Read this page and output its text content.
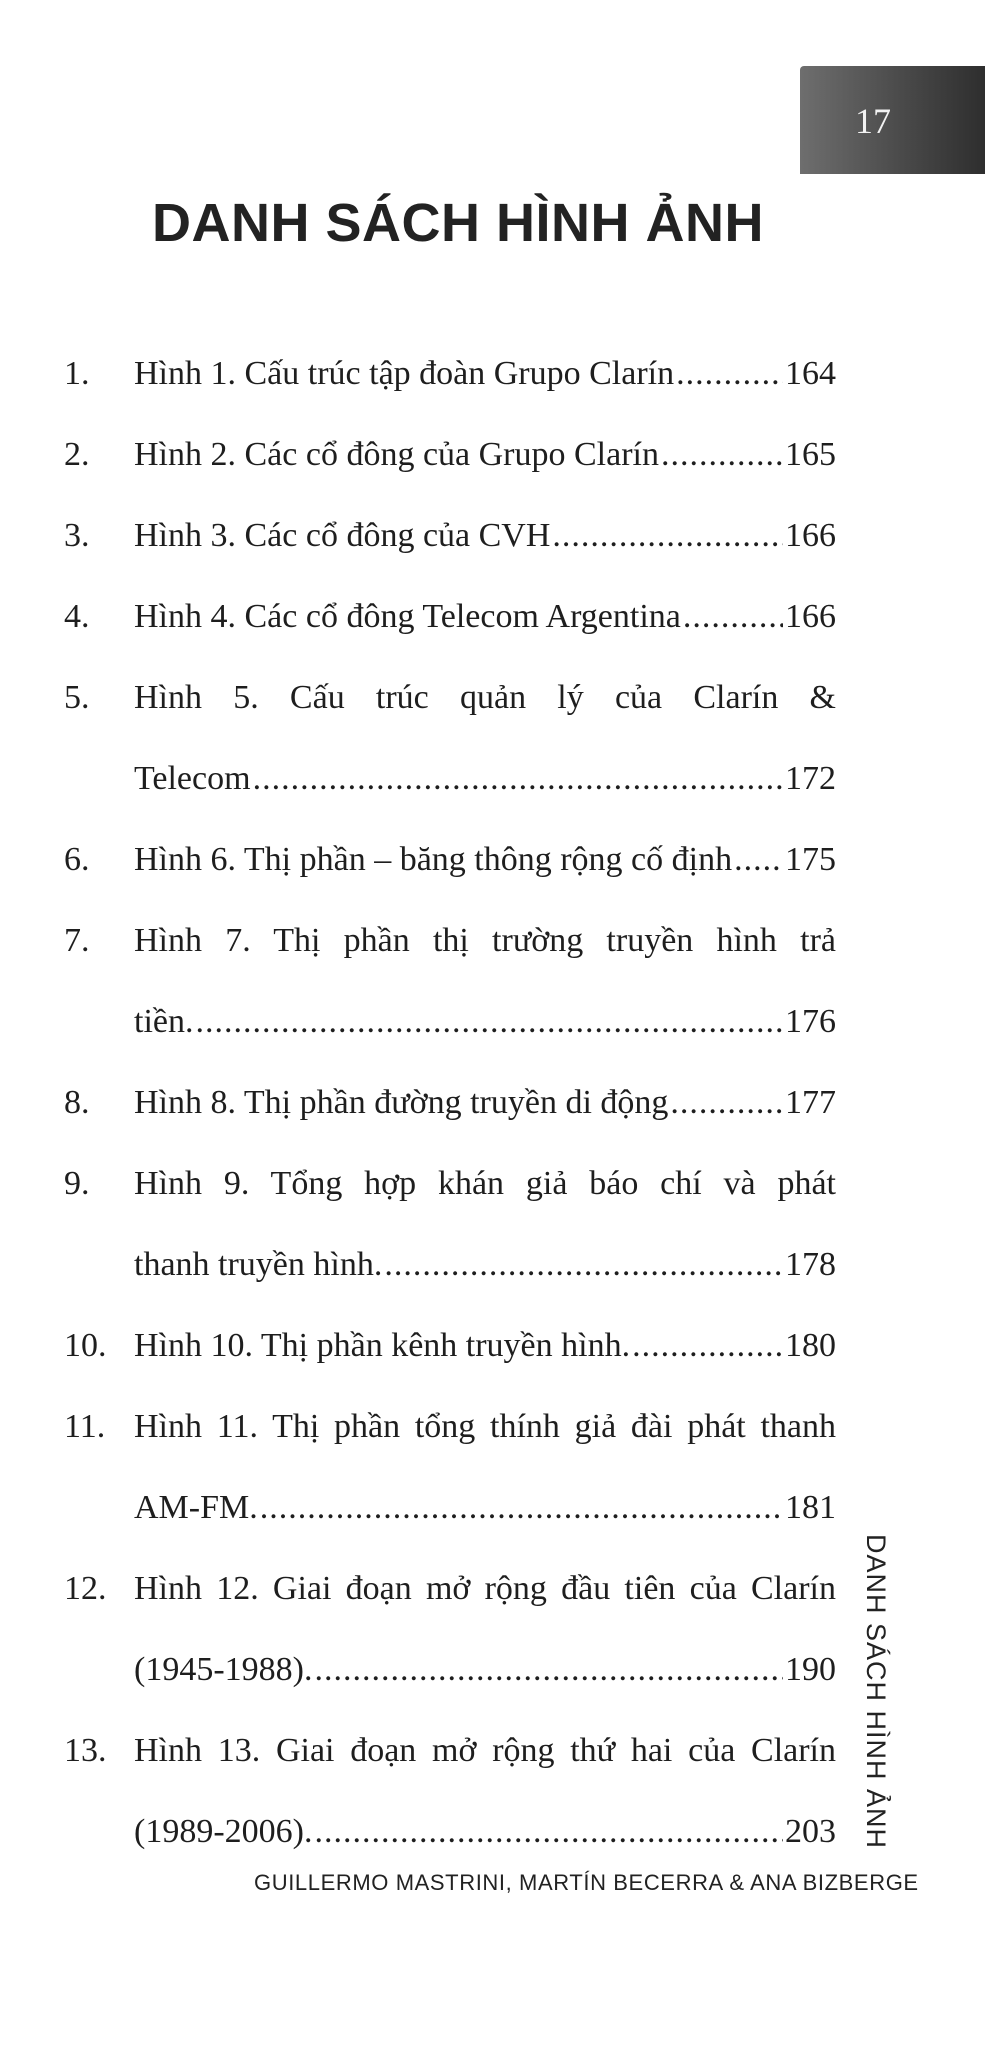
17
DANH SÁCH HÌNH ẢNH
1. Hình 1. Cấu trúc tập đoàn Grupo Clarín .....	164
2. Hình 2. Các cổ đông của Grupo Clarín .....	165
3. Hình 3. Các cổ đông của CVH .....	166
4. Hình 4. Các cổ đông Telecom Argentina .....	166
5. Hình 5. Cấu trúc quản lý của Clarín &
Telecom .....	172
6. Hình 6. Thị phần – băng thông rộng cố định ..... 175
7. Hình 7. Thị phần thị trường truyền hình trả
tiền. .....	176
8. Hình 8. Thị phần đường truyền di động .....	177
9. Hình 9. Tổng hợp khán giả báo chí và phát
thanh truyền hình. .....	178
10. Hình 10. Thị phần kênh truyền hình. .....	180
11. Hình 11. Thị phần tổng thính giả đài phát thanh
AM-FM. .....	181
12. Hình 12. Giai đoạn mở rộng đầu tiên của Clarín
(1945-1988). .....	190
13. Hình 13. Giai đoạn mở rộng thứ hai của Clarín
(1989-2006). .....	203 DANH SÁCH HÌNH ẢNH
GUILLERMO MASTRINI, MARTÍN BECERRA & ANA BIZBERGE
